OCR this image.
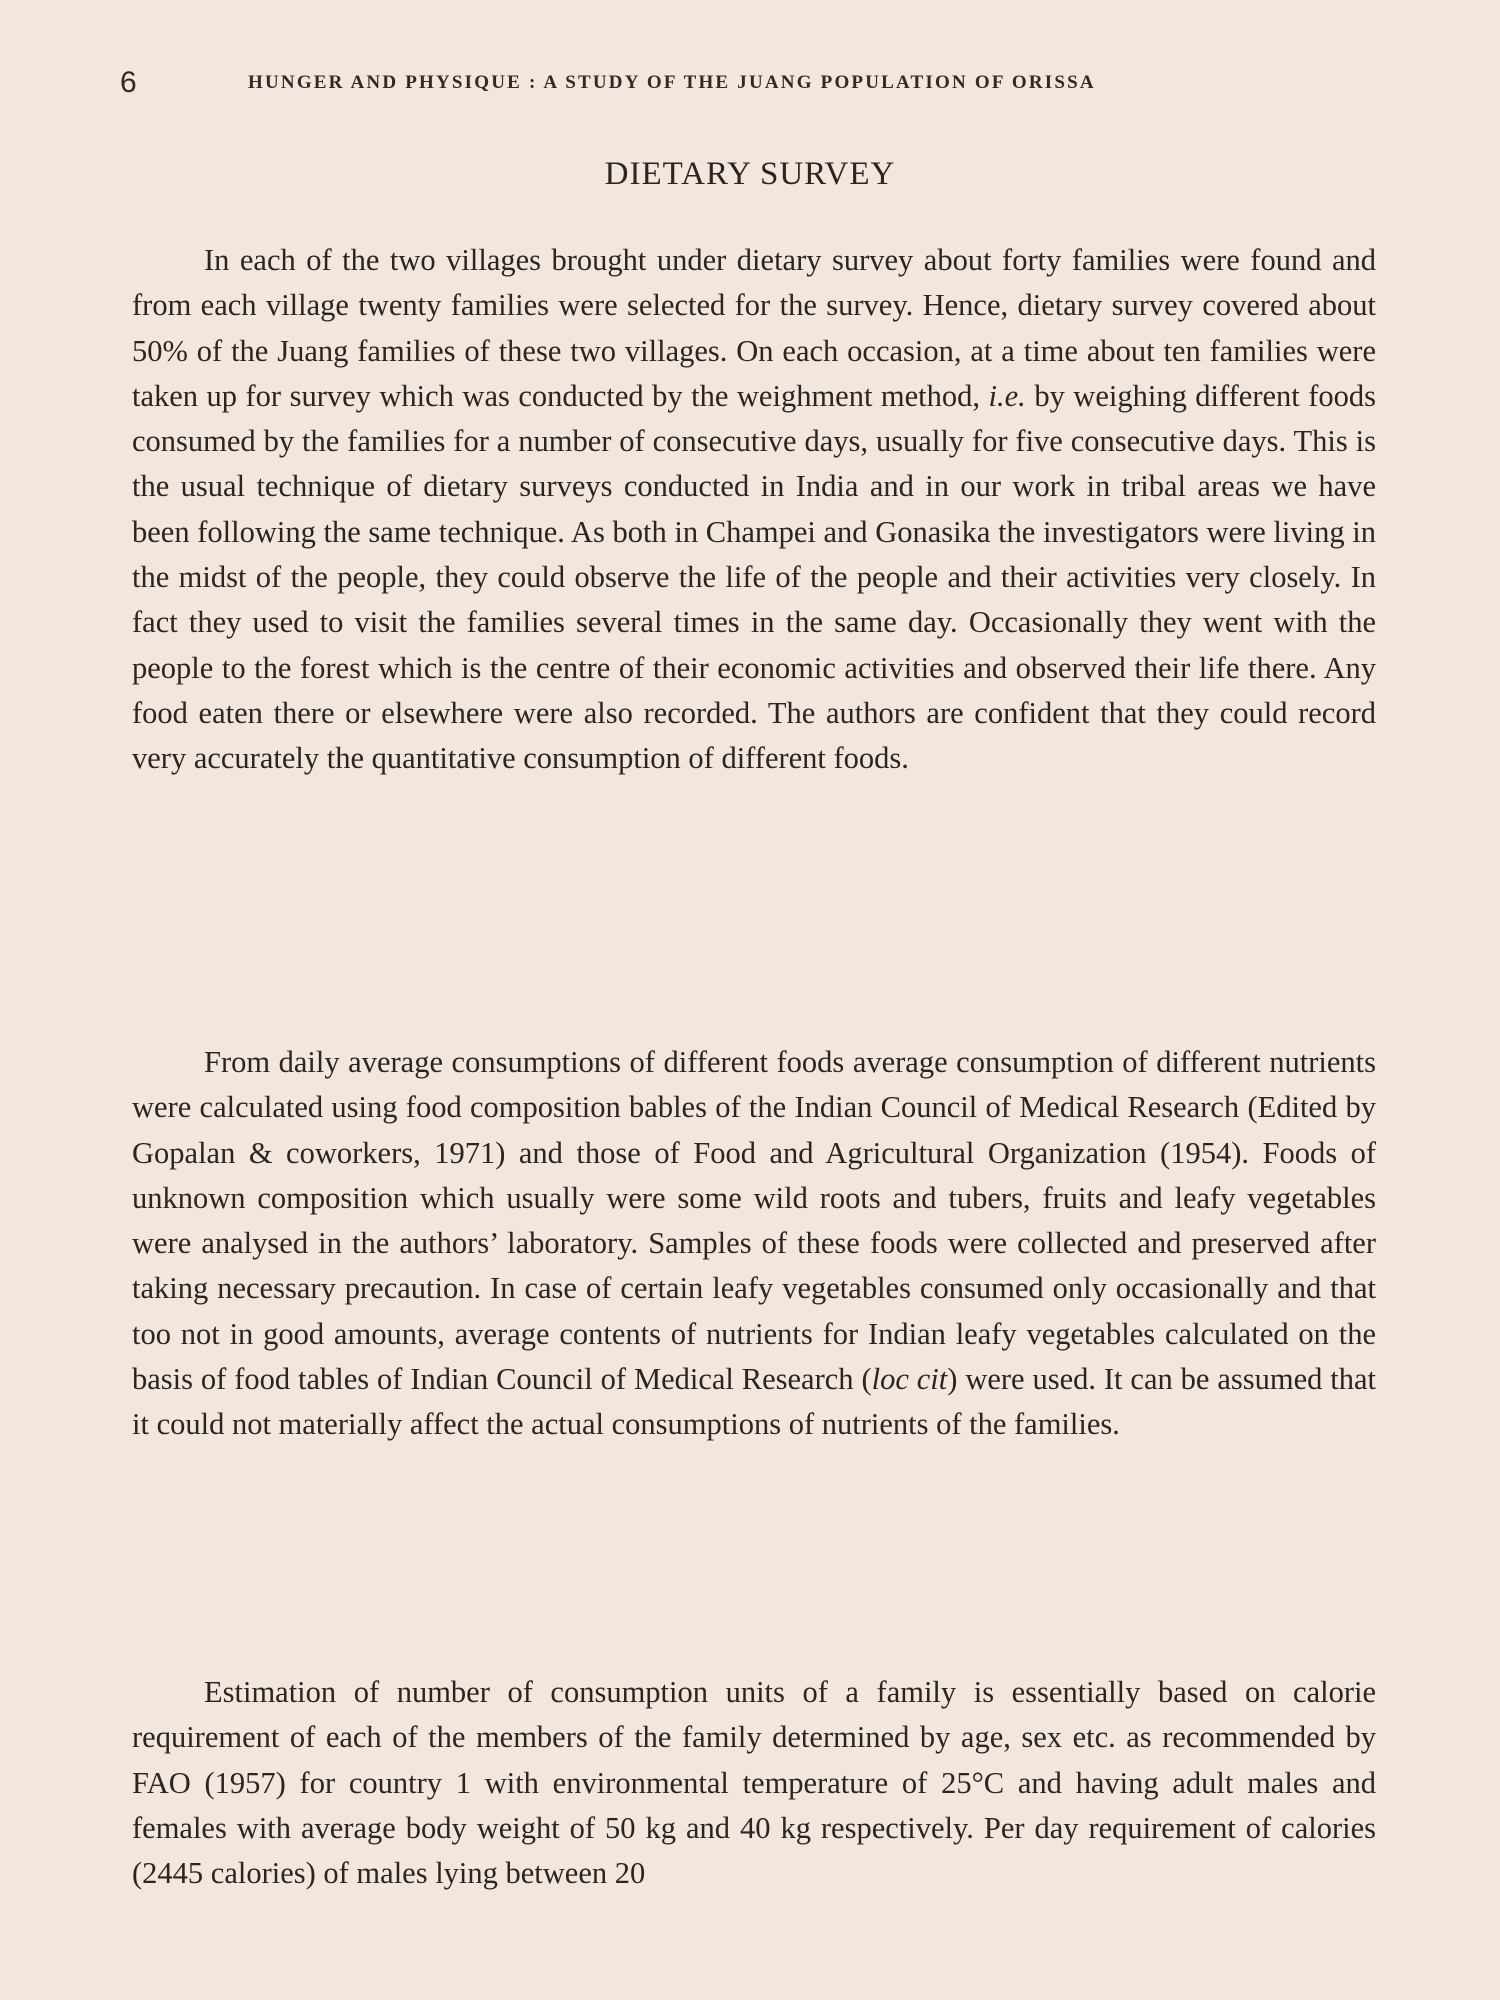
6	HUNGER AND PHYSIQUE : A STUDY OF THE JUANG POPULATION OF ORISSA
DIETARY SURVEY

In each of the two villages brought under dietary survey about forty families were found and from each village twenty families were selected for the survey. Hence, dietary survey covered about 50% of the Juang families of these two villages. On each occasion, at a time about ten families were taken up for survey which was conducted by the weighment method, i.e. by weighing different foods consumed by the families for a number of consecutive days, usually for five consecutive days. This is the usual technique of dietary surveys conducted in India and in our work in tribal areas we have been following the same technique. As both in Champei and Gonasika the investigators were living in the midst of the people, they could observe the life of the people and their activities very closely. In fact they used to visit the families several times in the same day. Occasionally they went with the people to the forest which is the centre of their economic activities and observed their life there. Any food eaten there or elsewhere were also recorded. The authors are confident that they could record very accurately the quantitative consumption of different foods.

From daily average consumptions of different foods average consumption of different nutrients were calculated using food composition bables of the Indian Council of Medical Research (Edited by Gopalan & coworkers, 1971) and those of Food and Agricultural Organization (1954). Foods of unknown composition which usually were some wild roots and tubers, fruits and leafy vegetables were analysed in the authors’ laboratory. Samples of these foods were collected and preserved after taking necessary precaution. In case of certain leafy vegetables consumed only occasionally and that too not in good amounts, average contents of nutrients for Indian leafy vegetables calculated on the basis of food tables of Indian Council of Medical Research (loc cit) were used. It can be assumed that it could not materially affect the actual consumptions of nutrients of the families.

Estimation of number of consumption units of a family is essentially based on calorie requirement of each of the members of the family determined by age, sex etc. as recommended by FAO (1957) for country 1 with environmental temperature of 25°C and having adult males and females with average body weight of 50 kg and 40 kg respectively. Per day requirement of calories (2445 calories) of males lying between 20
